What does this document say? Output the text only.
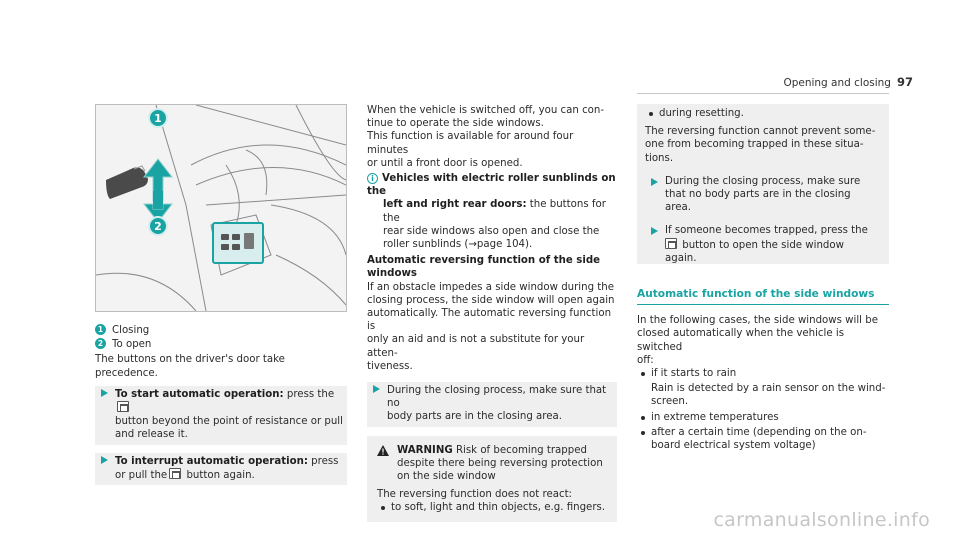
Opening and closing 97
1
2

1 Closing

2 To open

The buttons on the driver's door take precedence.

To start automatic operation: press the
button beyond the point of resistance or pull and release it.
To interrupt automatic operation: press or pull the button again.

When the vehicle is switched off, you can con-
tinue to operate the side windows.

This function is available for around four minutes
or until a front door is opened.

i Vehicles with electric roller sunblinds on the

left and right rear doors: the buttons for the

rear side windows also open and close the

roller sunblinds (→page 104).

Automatic reversing function of the side windows

If an obstacle impedes a side window during the

closing process, the side window will open again

automatically. The automatic reversing function is

only an aid and is not a substitute for your atten-

tiveness.

During the closing process, make sure that no

body parts are in the closing area.

WARNING Risk of becoming trapped

despite there being reversing protection

on the side window

The reversing function does not react:

to soft, light and thin objects, e.g. fingers.

during resetting.

The reversing function cannot prevent some-

one from becoming trapped in these situa-

tions.

During the closing process, make sure

that no body parts are in the closing

area.

If someone becomes trapped, press the

button to open the side window

again.

Automatic function of the side windows

In the following cases, the side windows will be

closed automatically when the vehicle is switched

off:

if it starts to rain

Rain is detected by a rain sensor on the wind-

screen.

in extreme temperatures

after a certain time (depending on the on-

board electrical system voltage)

carmanualsonline.info
